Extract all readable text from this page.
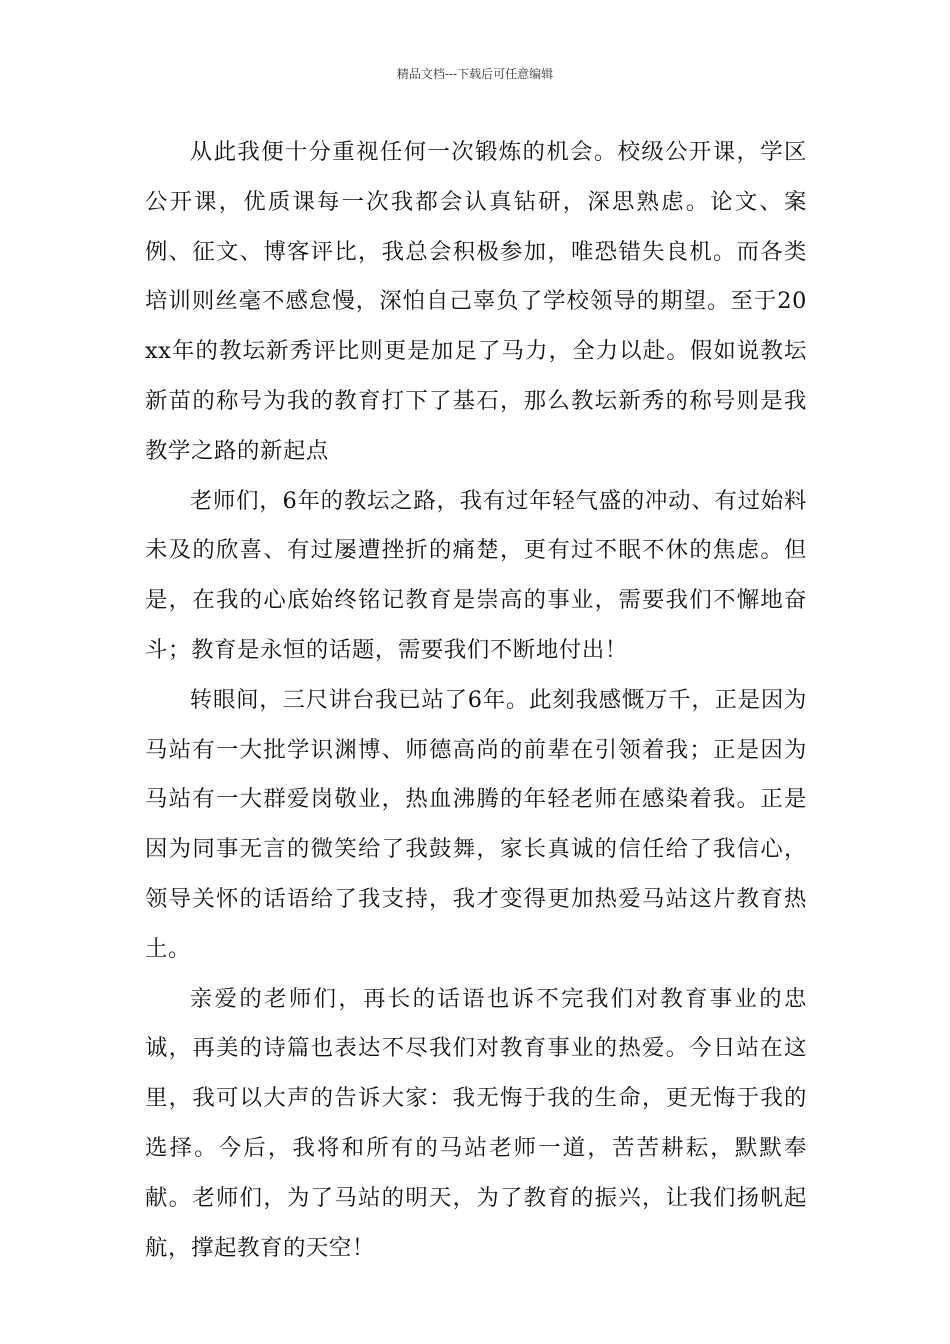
精品文档---下载后可任意编辑

从此我便十分重视任何一次锻炼的机会。校级公开课，学区公开课，优质课每一次我都会认真钻研，深思熟虑。论文、案例、征文、博客评比，我总会积极参加，唯恐错失良机。而各类培训则丝毫不感怠慢，深怕自己辜负了学校领导的期望。至于20xx年的教坛新秀评比则更是加足了马力，全力以赴。假如说教坛新苗的称号为我的教育打下了基石，那么教坛新秀的称号则是我教学之路的新起点

老师们，6年的教坛之路，我有过年轻气盛的冲动、有过始料未及的欣喜、有过屡遭挫折的痛楚，更有过不眠不休的焦虑。但是，在我的心底始终铭记教育是崇高的事业，需要我们不懈地奋斗；教育是永恒的话题，需要我们不断地付出！

转眼间，三尺讲台我已站了6年。此刻我感慨万千，正是因为马站有一大批学识渊博、师德高尚的前辈在引领着我；正是因为马站有一大群爱岗敬业，热血沸腾的年轻老师在感染着我。正是因为同事无言的微笑给了我鼓舞，家长真诚的信任给了我信心，领导关怀的话语给了我支持，我才变得更加热爱马站这片教育热土。

亲爱的老师们，再长的话语也诉不完我们对教育事业的忠诚，再美的诗篇也表达不尽我们对教育事业的热爱。今日站在这里，我可以大声的告诉大家：我无悔于我的生命，更无悔于我的选择。今后，我将和所有的马站老师一道，苦苦耕耘，默默奉献。老师们，为了马站的明天，为了教育的振兴，让我们扬帆起航，撑起教育的天空！
